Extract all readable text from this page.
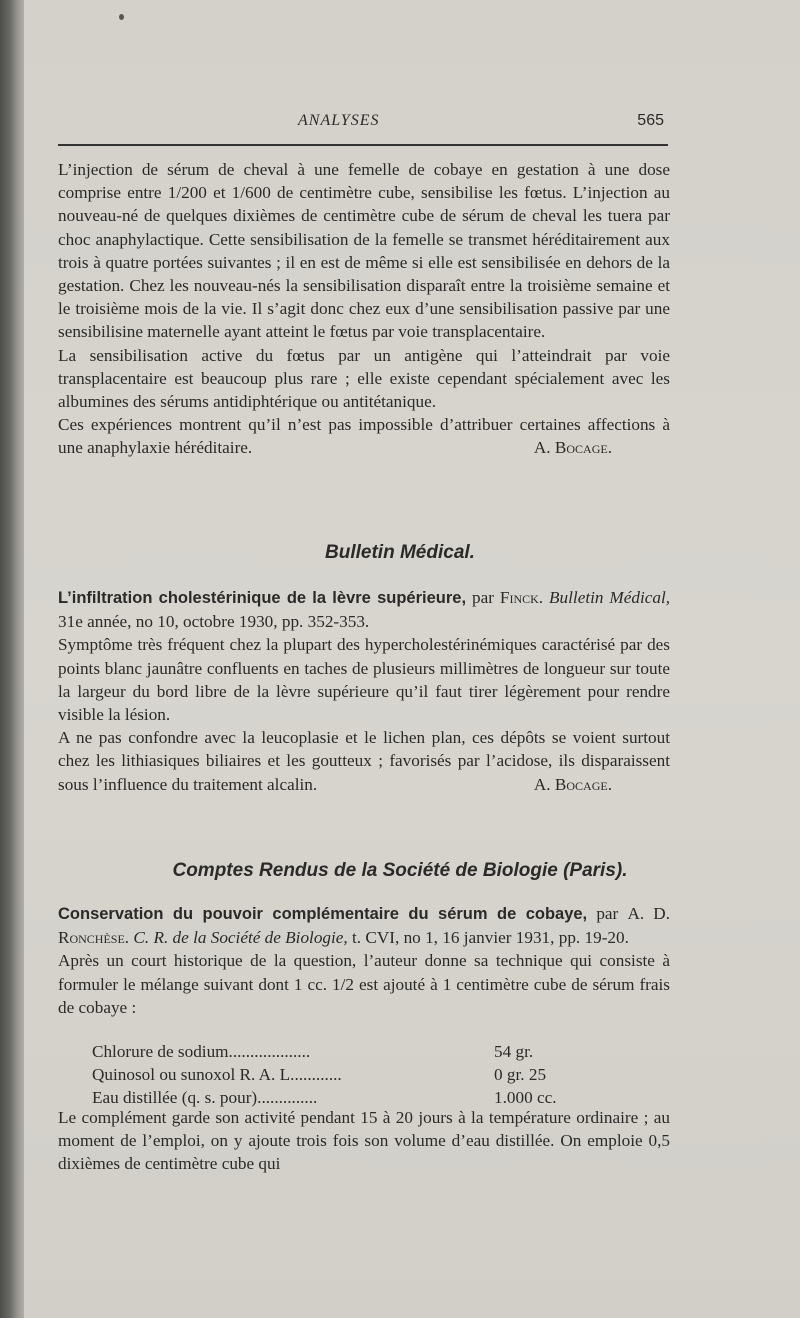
ANALYSES	565

L’injection de sérum de cheval à une femelle de cobaye en gestation à une dose comprise entre 1/200 et 1/600 de centimètre cube, sensibilise les fœtus. L’injection au nouveau-né de quelques dixièmes de centimètre cube de sérum de cheval les tuera par choc anaphylactique. Cette sensibilisation de la femelle se transmet héréditairement aux trois à quatre portées suivantes ; il en est de même si elle est sensibilisée en dehors de la gestation. Chez les nouveau-nés la sensibilisation disparaît entre la troisième semaine et le troisième mois de la vie. Il s’agit donc chez eux d’une sensibilisation passive par une sensibilisine maternelle ayant atteint le fœtus par voie transplacentaire.

La sensibilisation active du fœtus par un antigène qui l’atteindrait par voie transplacentaire est beaucoup plus rare ; elle existe cependant spécialement avec les albumines des sérums antidiphtérique ou antitétanique.

Ces expériences montrent qu’il n’est pas impossible d’attribuer certaines affections à une anaphylaxie héréditaire.	A. Bocage.

Bulletin Médical.

L’infiltration cholestérinique de la lèvre supérieure, par Finck. Bulletin Médical, 31e année, no 10, octobre 1930, pp. 352-353.

Symptôme très fréquent chez la plupart des hypercholestérinémiques caractérisé par des points blanc jaunâtre confluents en taches de plusieurs millimètres de longueur sur toute la largeur du bord libre de la lèvre supérieure qu’il faut tirer légèrement pour rendre visible la lésion.

A ne pas confondre avec la leucoplasie et le lichen plan, ces dépôts se voient surtout chez les lithiasiques biliaires et les goutteux ; favorisés par l’acidose, ils disparaissent sous l’influence du traitement alcalin.	A. Bocage.

Comptes Rendus de la Société de Biologie (Paris).

Conservation du pouvoir complémentaire du sérum de cobaye, par A. D. Ronchèse. C. R. de la Société de Biologie, t. CVI, no 1, 16 janvier 1931, pp. 19-20.

Après un court historique de la question, l’auteur donne sa technique qui consiste à formuler le mélange suivant dont 1 cc. 1/2 est ajouté à 1 centimètre cube de sérum frais de cobaye :

Chlorure de sodium...................	54 gr.
Quinosol ou sunoxol R. A. L............	0 gr. 25
Eau distillée (q. s. pour)..............	1.000 cc.

Le complément garde son activité pendant 15 à 20 jours à la température ordinaire ; au moment de l’emploi, on y ajoute trois fois son volume d’eau distillée. On emploie 0,5 dixièmes de centimètre cube qui
